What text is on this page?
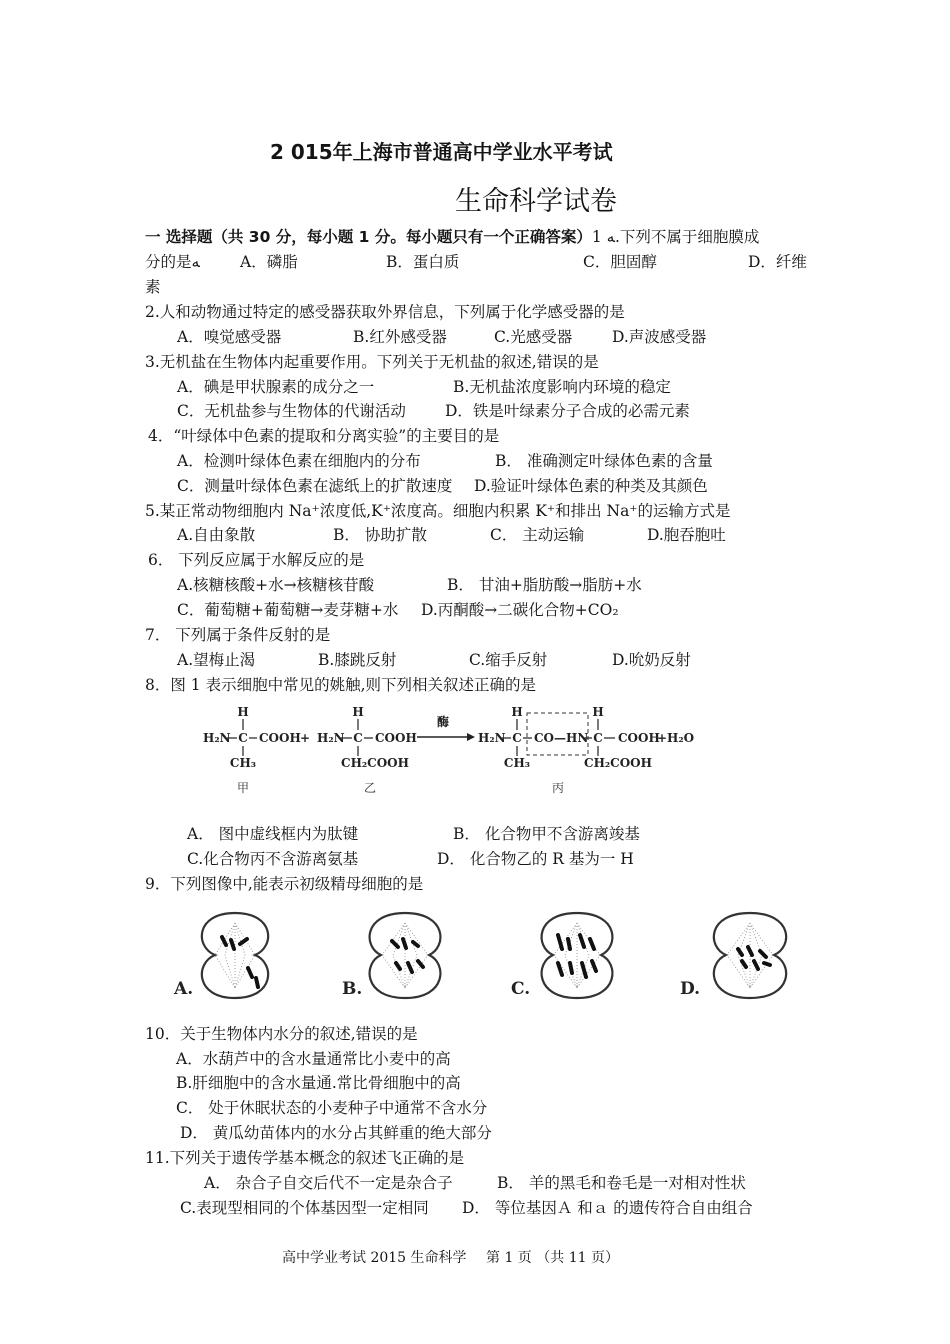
2 015年上海市普通高中学业水平考试
生命科学试卷
一 选择题（共 30 分，每小题 1 分。每小题只有一个正确答案）1 ﻪ.下列不属于细胞膜成
分的是ﻪ	A．磷脂	B．蛋白质	C．胆固醇	D．纤维
素
2.人和动物通过特定的感受器获取外界信息，下列属于化学感受器的是
A．嗅觉感受器	B.红外感受器	C.光感受器	D.声波感受器
3.无机盐在生物体内起重要作用。下列关于无机盐的叙述,错误的是
A．碘是甲状腺素的成分之一	B.无机盐浓度影响内环境的稳定
C．无机盐参与生物体的代谢活动	D．铁是叶绿素分子合成的必需元素
4．“叶绿体中色素的提取和分离实验”的主要目的是
A．检测叶绿体色素在细胞内的分布	B． 准确测定叶绿体色素的含量
C．测量叶绿体色素在滤纸上的扩散速度 D.验证叶绿体色素的种类及其颜色
5.某正常动物细胞内 Na⁺浓度低,K⁺浓度高。细胞内积累 K⁺和排出 Na⁺的运输方式是
A.自由象散	B． 协助扩散	C． 主动运输	D.胞吞胞吐
6． 下列反应属于水解反应的是
A.核糖核酸+水→核糖核苷酸	B． 甘油+脂肪酸→脂肪+水
C．葡萄糖+葡萄糖→麦芽糖+水 D.丙酮酸→二碳化合物+CO₂
7． 下列属于条件反射的是
A.望梅止渴	B.膝跳反射	C.缩手反射	D.吮奶反射
8．图 1 表示细胞中常见的姚触,则下列相关叙述正确的是
H
H₂N C COOH
CH₃
甲
+
H
H₂N C COOH
CH₂COOH
乙
酶
H₂N
H
C CO—HN
H
C COOH
+H₂O
CH₃	CH₂COOH
丙
A． 图中虚线框内为肽键	B． 化合物甲不含游离竣基
C.化合物丙不含游离氨基	D． 化合物乙的 R 基为一 H
9．下列图像中,能表示初级精母细胞的是
A.	B.	C.	D.
10．关于生物体内水分的叙述,错误的是
A．水葫芦中的含水量通常比小麦中的高
B.肝细胞中的含水量通.常比骨细胞中的高
C． 处于休眠状态的小麦种子中通常不含水分
D． 黄瓜幼苗体内的水分占其鲜重的绝大部分
11.下列关于遗传学基本概念的叙述飞正确的是
A． 杂合子自交后代不一定是杂合子	B． 羊的黑毛和卷毛是一对相对性状
C.表现型相同的个体基因型一定相同 D． 等位基因Ａ 和ａ 的遗传符合自由组合
高中学业考试 2015 生命科学 第 1 页 （共 11 页）
